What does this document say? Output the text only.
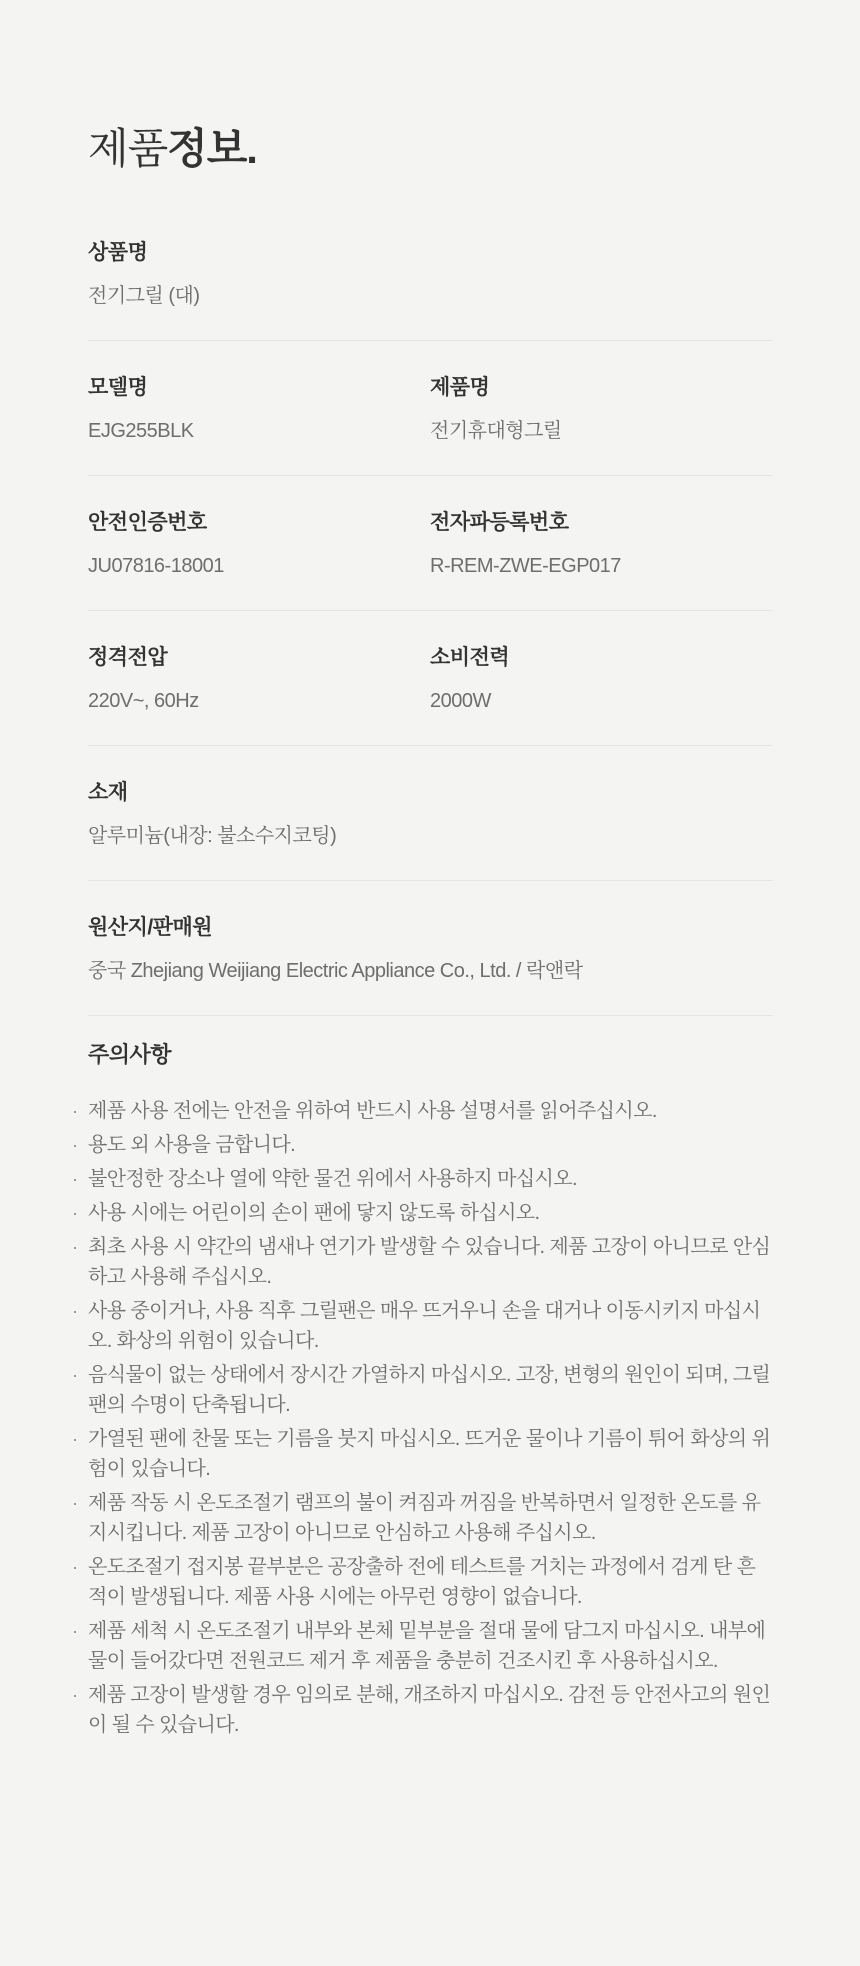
제품정보.
상품명
전기그릴 (대)
모델명
EJG255BLK
제품명
전기휴대형그릴
안전인증번호
JU07816-18001
전자파등록번호
R-REM-ZWE-EGP017
정격전압
220V~, 60Hz
소비전력
2000W
소재
알루미늄(내장: 불소수지코팅)
원산지/판매원
중국 Zhejiang Weijiang Electric Appliance Co., Ltd. / 락앤락
주의사항
· 제품 사용 전에는 안전을 위하여 반드시 사용 설명서를 읽어주십시오.
· 용도 외 사용을 금합니다.
· 불안정한 장소나 열에 약한 물건 위에서 사용하지 마십시오.
· 사용 시에는 어린이의 손이 팬에 닿지 않도록 하십시오.
· 최초 사용 시 약간의 냄새나 연기가 발생할 수 있습니다. 제품 고장이 아니므로 안심하고 사용해 주십시오.
· 사용 중이거나, 사용 직후 그릴팬은 매우 뜨거우니 손을 대거나 이동시키지 마십시오. 화상의 위험이 있습니다.
· 음식물이 없는 상태에서 장시간 가열하지 마십시오. 고장, 변형의 원인이 되며, 그릴 팬의 수명이 단축됩니다.
· 가열된 팬에 찬물 또는 기름을 붓지 마십시오. 뜨거운 물이나 기름이 튀어 화상의 위험이 있습니다.
· 제품 작동 시 온도조절기 램프의 불이 켜짐과 꺼짐을 반복하면서 일정한 온도를 유지시킵니다. 제품 고장이 아니므로 안심하고 사용해 주십시오.
· 온도조절기 접지봉 끝부분은 공장출하 전에 테스트를 거치는 과정에서 검게 탄 흔적이 발생됩니다. 제품 사용 시에는 아무런 영향이 없습니다.
· 제품 세척 시 온도조절기 내부와 본체 밑부분을 절대 물에 담그지 마십시오. 내부에 물이 들어갔다면 전원코드 제거 후 제품을 충분히 건조시킨 후 사용하십시오.
· 제품 고장이 발생할 경우 임의로 분해, 개조하지 마십시오. 감전 등 안전사고의 원인이 될 수 있습니다.
